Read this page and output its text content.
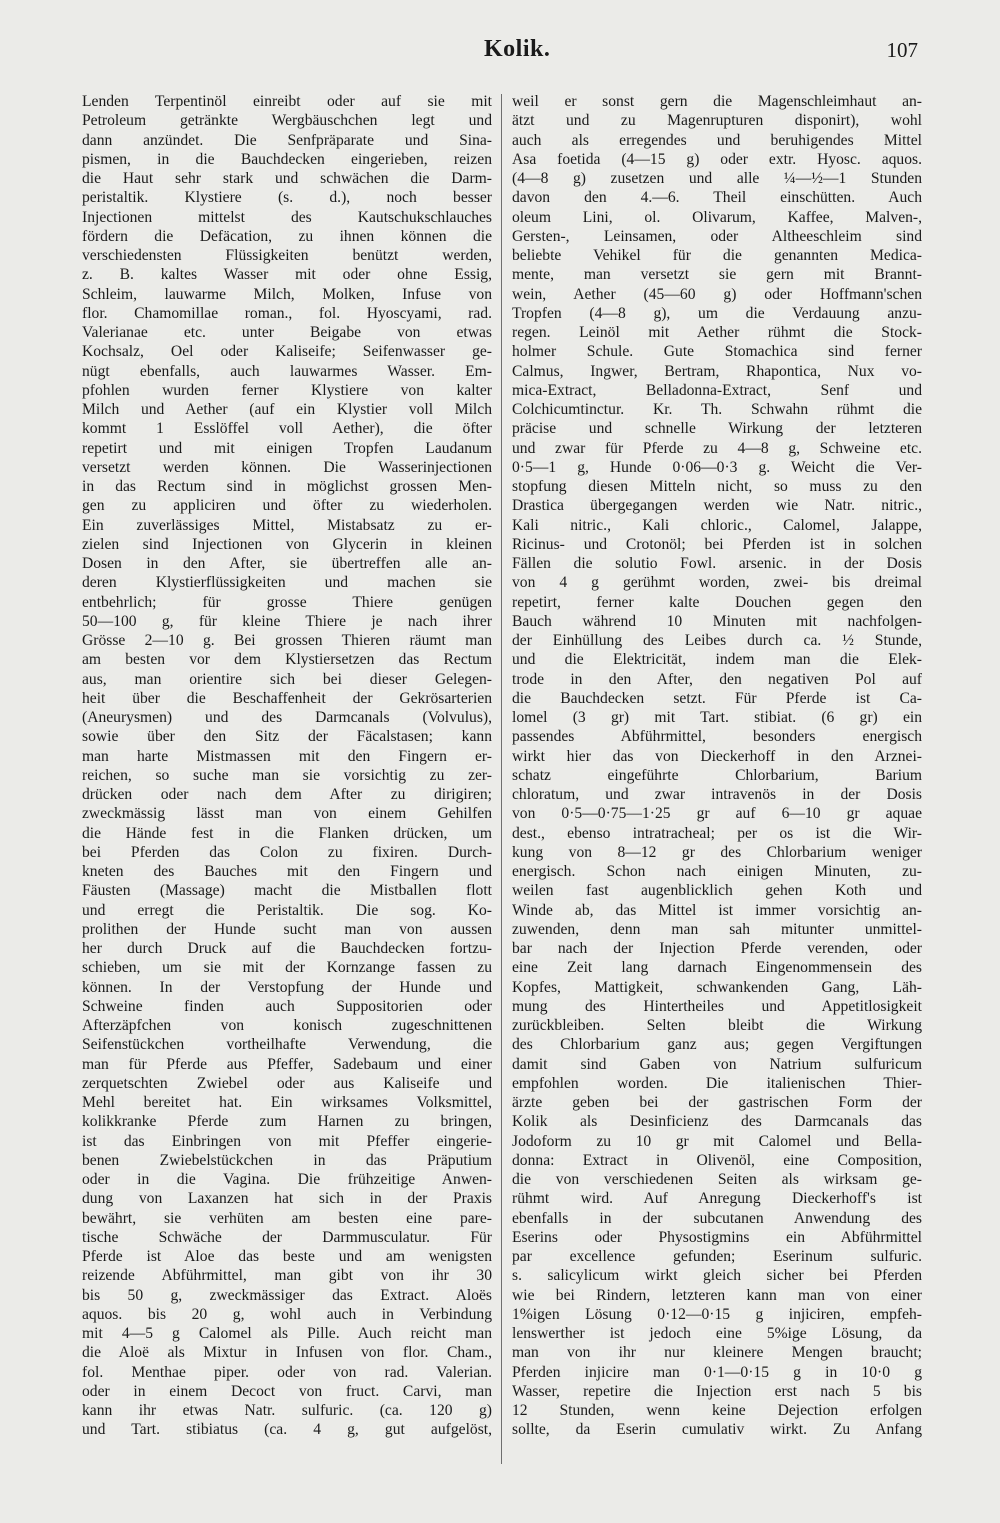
Kolik.	107
Lenden Terpentinöl einreibt oder auf sie mit
Petroleum getränkte Wergbäuschchen legt und
dann anzündet. Die Senfpräparate und Sina-
pismen, in die Bauchdecken eingerieben, reizen
die Haut sehr stark und schwächen die Darm-
peristaltik. Klystiere (s. d.), noch besser
Injectionen mittelst des Kautschukschlauches
fördern die Defäcation, zu ihnen können die
verschiedensten Flüssigkeiten benützt werden,
z. B. kaltes Wasser mit oder ohne Essig,
Schleim, lauwarme Milch, Molken, Infuse von
flor. Chamomillae roman., fol. Hyoscyami, rad.
Valerianae etc. unter Beigabe von etwas
Kochsalz, Oel oder Kaliseife; Seifenwasser ge-
nügt ebenfalls, auch lauwarmes Wasser. Em-
pfohlen wurden ferner Klystiere von kalter
Milch und Aether (auf ein Klystier voll Milch
kommt 1 Esslöffel voll Aether), die öfter
repetirt und mit einigen Tropfen Laudanum
versetzt werden können. Die Wasserinjectionen
in das Rectum sind in möglichst grossen Men-
gen zu appliciren und öfter zu wiederholen.
Ein zuverlässiges Mittel, Mistabsatz zu er-
zielen sind Injectionen von Glycerin in kleinen
Dosen in den After, sie übertreffen alle an-
deren Klystierflüssigkeiten und machen sie
entbehrlich; für grosse Thiere genügen
50—100 g, für kleine Thiere je nach ihrer
Grösse 2—10 g. Bei grossen Thieren räumt man
am besten vor dem Klystiersetzen das Rectum
aus, man orientire sich bei dieser Gelegen-
heit über die Beschaffenheit der Gekrösarterien
(Aneurysmen) und des Darmcanals (Volvulus),
sowie über den Sitz der Fäcalstasen; kann
man harte Mistmassen mit den Fingern er-
reichen, so suche man sie vorsichtig zu zer-
drücken oder nach dem After zu dirigiren;
zweckmässig lässt man von einem Gehilfen
die Hände fest in die Flanken drücken, um
bei Pferden das Colon zu fixiren. Durch-
kneten des Bauches mit den Fingern und
Fäusten (Massage) macht die Mistballen flott
und erregt die Peristaltik. Die sog. Ko-
prolithen der Hunde sucht man von aussen
her durch Druck auf die Bauchdecken fortzu-
schieben, um sie mit der Kornzange fassen zu
können. In der Verstopfung der Hunde und
Schweine finden auch Suppositorien oder
Afterzäpfchen von konisch zugeschnittenen
Seifenstückchen vortheilhafte Verwendung, die
man für Pferde aus Pfeffer, Sadebaum und einer
zerquetschten Zwiebel oder aus Kaliseife und
Mehl bereitet hat. Ein wirksames Volksmittel,
kolikkranke Pferde zum Harnen zu bringen,
ist das Einbringen von mit Pfeffer eingerie-
benen Zwiebelstückchen in das Präputium
oder in die Vagina. Die frühzeitige Anwen-
dung von Laxanzen hat sich in der Praxis
bewährt, sie verhüten am besten eine pare-
tische Schwäche der Darmmusculatur. Für
Pferde ist Aloe das beste und am wenigsten
reizende Abführmittel, man gibt von ihr 30
bis 50 g, zweckmässiger das Extract. Aloës
aquos. bis 20 g, wohl auch in Verbindung
mit 4—5 g Calomel als Pille. Auch reicht man
die Aloë als Mixtur in Infusen von flor. Cham.,
fol. Menthae piper. oder von rad. Valerian.
oder in einem Decoct von fruct. Carvi, man
kann ihr etwas Natr. sulfuric. (ca. 120 g)
und Tart. stibiatus (ca. 4 g, gut aufgelöst,
weil er sonst gern die Magenschleimhaut an-
ätzt und zu Magenrupturen disponirt), wohl
auch als erregendes und beruhigendes Mittel
Asa foetida (4—15 g) oder extr. Hyosc. aquos.
(4—8 g) zusetzen und alle ¼—½—1 Stunden
davon den 4.—6. Theil einschütten. Auch
oleum Lini, ol. Olivarum, Kaffee, Malven-,
Gersten-, Leinsamen, oder Altheeschleim sind
beliebte Vehikel für die genannten Medica-
mente, man versetzt sie gern mit Brannt-
wein, Aether (45—60 g) oder Hoffmann'schen
Tropfen (4—8 g), um die Verdauung anzu-
regen. Leinöl mit Aether rühmt die Stock-
holmer Schule. Gute Stomachica sind ferner
Calmus, Ingwer, Bertram, Rhapontica, Nux vo-
mica-Extract, Belladonna-Extract, Senf und
Colchicumtinctur. Kr. Th. Schwahn rühmt die
präcise und schnelle Wirkung der letzteren
und zwar für Pferde zu 4—8 g, Schweine etc.
0·5—1 g, Hunde 0·06—0·3 g. Weicht die Ver-
stopfung diesen Mitteln nicht, so muss zu den
Drastica übergegangen werden wie Natr. nitric.,
Kali nitric., Kali chloric., Calomel, Jalappe,
Ricinus- und Crotonöl; bei Pferden ist in solchen
Fällen die solutio Fowl. arsenic. in der Dosis
von 4 g gerühmt worden, zwei- bis dreimal
repetirt, ferner kalte Douchen gegen den
Bauch während 10 Minuten mit nachfolgen-
der Einhüllung des Leibes durch ca. ½ Stunde,
und die Elektricität, indem man die Elek-
trode in den After, den negativen Pol auf
die Bauchdecken setzt. Für Pferde ist Ca-
lomel (3 gr) mit Tart. stibiat. (6 gr) ein
passendes Abführmittel, besonders energisch
wirkt hier das von Dieckerhoff in den Arznei-
schatz eingeführte Chlorbarium, Barium
chloratum, und zwar intravenös in der Dosis
von 0·5—0·75—1·25 gr auf 6—10 gr aquae
dest., ebenso intratracheal; per os ist die Wir-
kung von 8—12 gr des Chlorbarium weniger
energisch. Schon nach einigen Minuten, zu-
weilen fast augenblicklich gehen Koth und
Winde ab, das Mittel ist immer vorsichtig an-
zuwenden, denn man sah mitunter unmittel-
bar nach der Injection Pferde verenden, oder
eine Zeit lang darnach Eingenommensein des
Kopfes, Mattigkeit, schwankenden Gang, Läh-
mung des Hintertheiles und Appetitlosigkeit
zurückbleiben. Selten bleibt die Wirkung
des Chlorbarium ganz aus; gegen Vergiftungen
damit sind Gaben von Natrium sulfuricum
empfohlen worden. Die italienischen Thier-
ärzte geben bei der gastrischen Form der
Kolik als Desinficienz des Darmcanals das
Jodoform zu 10 gr mit Calomel und Bella-
donna: Extract in Olivenöl, eine Composition,
die von verschiedenen Seiten als wirksam ge-
rühmt wird. Auf Anregung Dieckerhoff's ist
ebenfalls in der subcutanen Anwendung des
Eserins oder Physostigmins ein Abführmittel
par excellence gefunden; Eserinum sulfuric.
s. salicylicum wirkt gleich sicher bei Pferden
wie bei Rindern, letzteren kann man von einer
1%igen Lösung 0·12—0·15 g injiciren, empfeh-
lenswerther ist jedoch eine 5%ige Lösung, da
man von ihr nur kleinere Mengen braucht;
Pferden injicire man 0·1—0·15 g in 10·0 g
Wasser, repetire die Injection erst nach 5 bis
12 Stunden, wenn keine Dejection erfolgen
sollte, da Eserin cumulativ wirkt. Zu Anfang
